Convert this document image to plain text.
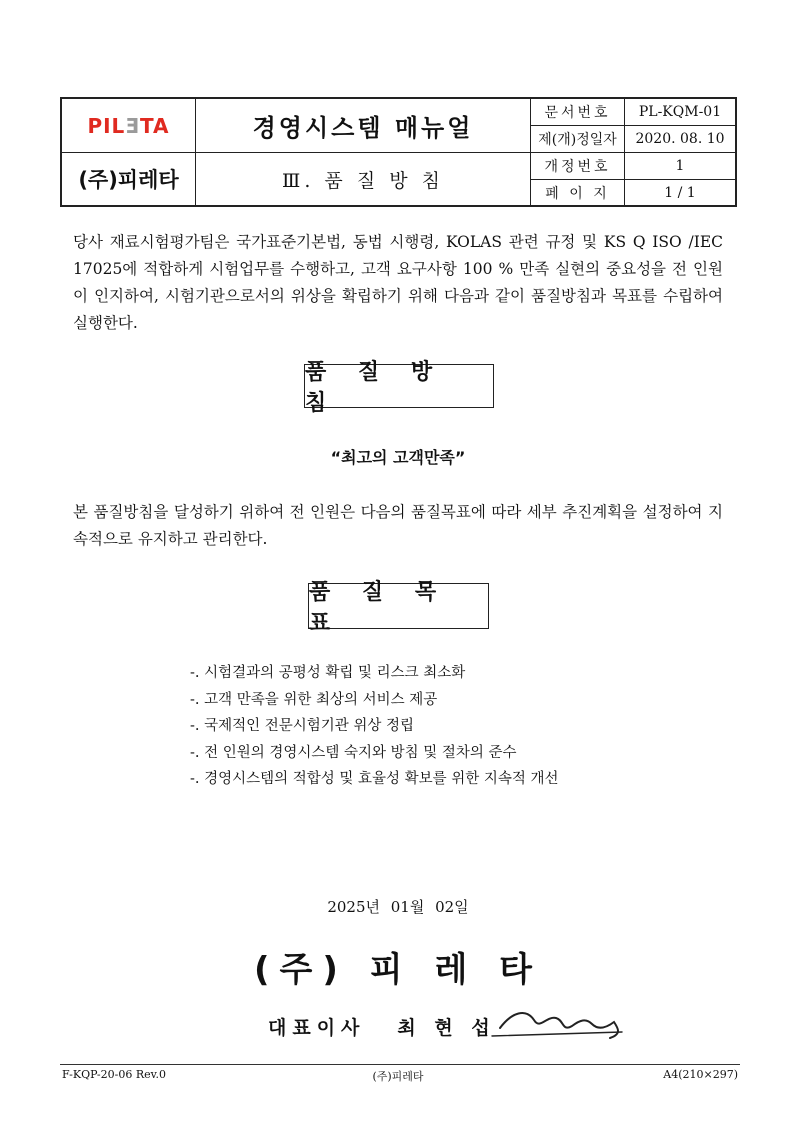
PILƎTA
(주)피레타
경영시스템 매뉴얼
Ⅲ. 품 질 방 침
문서번호	PL-KQM-01
제(개)정일자	2020. 08. 10
개정번호	1
페 이 지	1 / 1

당사 재료시험평가팀은 국가표준기본법, 동법 시행령, KOLAS 관련 규정 및 KS Q ISO /IEC 17025에 적합하게 시험업무를 수행하고, 고객 요구사항 100 % 만족 실현의 중요성을 전 인원이 인지하여, 시험기관으로서의 위상을 확립하기 위해 다음과 같이 품질방침과 목표를 수립하여 실행한다.

품 질 방 침
“최고의 고객만족”

본 품질방침을 달성하기 위하여 전 인원은 다음의 품질목표에 따라 세부 추진계획을 설정하여 지속적으로 유지하고 관리한다.

품 질 목 표
-. 시험결과의 공평성 확립 및 리스크 최소화
-. 고객 만족을 위한 최상의 서비스 제공
-. 국제적인 전문시험기관 위상 정립
-. 전 인원의 경영시스템 숙지와 방침 및 절차의 준수
-. 경영시스템의 적합성 및 효율성 확보를 위한 지속적 개선
2025년 01월 02일
(주) 피 레 타
대표이사 최 현 섭
F-KQP-20-06 Rev.0	(주)피레타	A4(210×297)
